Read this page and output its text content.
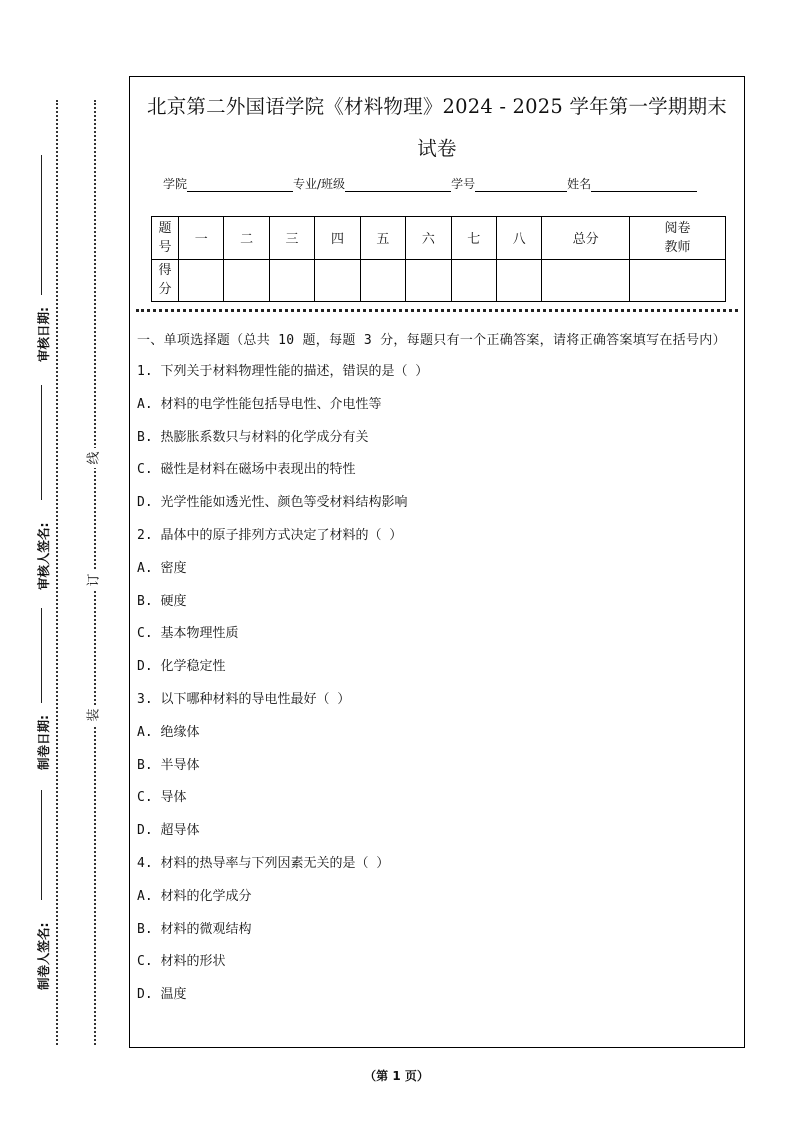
审核日期:
审核人签名:
制卷日期:
制卷人签名:
线
订
装
北京第二外国语学院《材料物理》2024 - 2025 学年第一学期期末
试卷
学院	专业/班级	学号	姓名
题
号	一	二	三	四	五	六	七	八	总分	阅卷
教师

得
分										

一、单项选择题（总共 10 题，每题 3 分，每题只有一个正确答案，请将正确答案填写在括号内）
1. 下列关于材料物理性能的描述，错误的是（ ）
A. 材料的电学性能包括导电性、介电性等
B. 热膨胀系数只与材料的化学成分有关
C. 磁性是材料在磁场中表现出的特性
D. 光学性能如透光性、颜色等受材料结构影响
2. 晶体中的原子排列方式决定了材料的（ ）
A. 密度
B. 硬度
C. 基本物理性质
D. 化学稳定性
3. 以下哪种材料的导电性最好（ ）
A. 绝缘体
B. 半导体
C. 导体
D. 超导体
4. 材料的热导率与下列因素无关的是（ ）
A. 材料的化学成分
B. 材料的微观结构
C. 材料的形状
D. 温度
（第 1 页）
